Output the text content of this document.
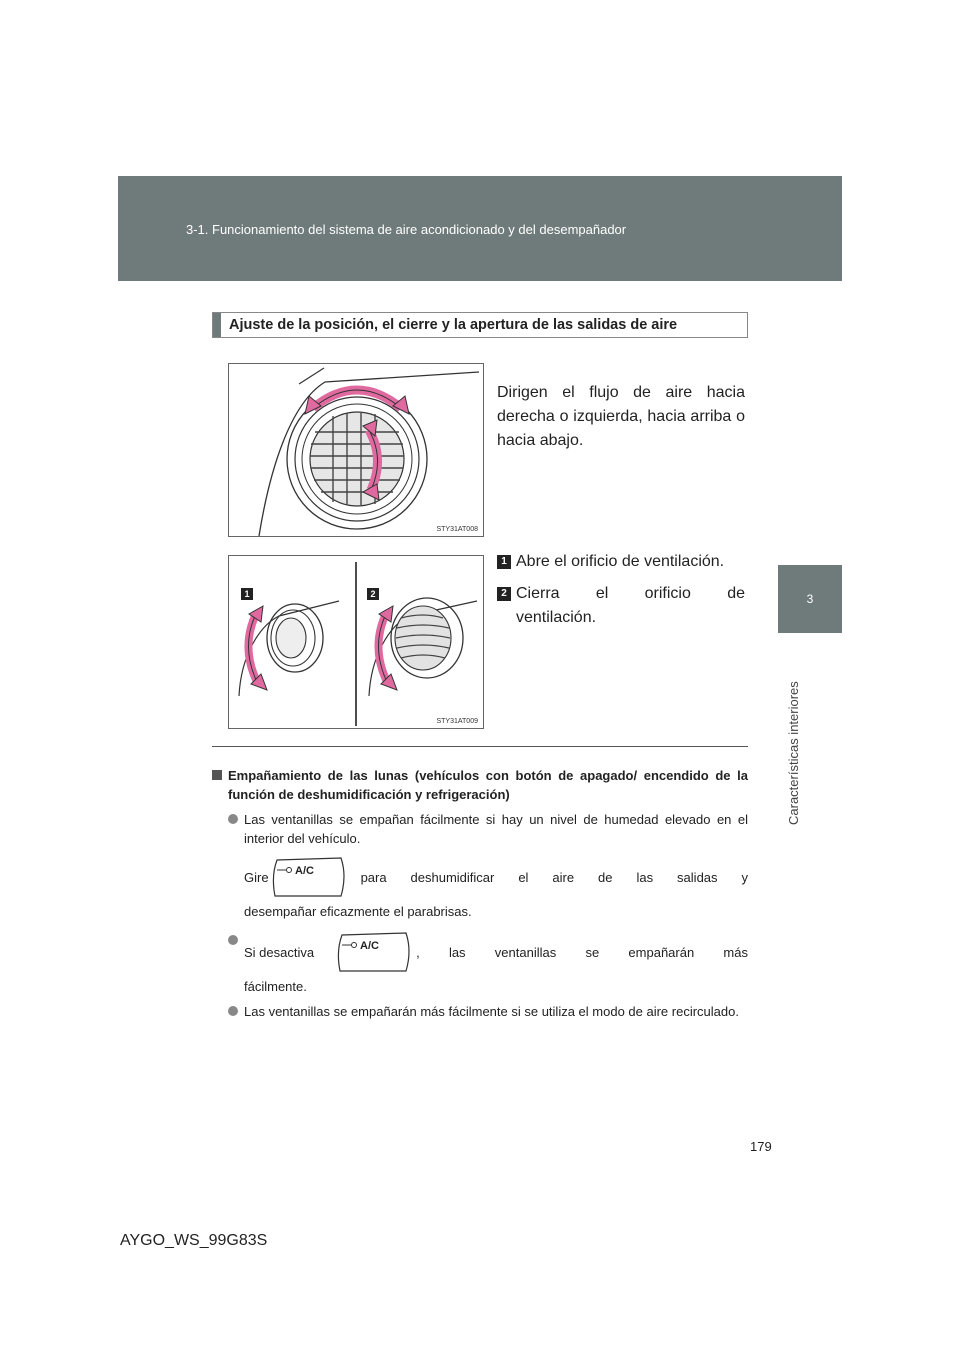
3-1. Funcionamiento del sistema de aire acondicionado y del desempañador
3
Características interiores
Ajuste de la posición, el cierre y la apertura de las salidas de aire
STY31AT008
Dirigen el flujo de aire hacia derecha o izquierda, hacia arriba o hacia abajo.
1	2
STY31AT009
1 Abre el orificio de ventilación.
2 Cierra el orificio de
ventilación.
Empañamiento de las lunas (vehículos con botón de apagado/ encendido de la función de deshumidificación y refrigeración)
Las ventanillas se empañan fácilmente si hay un nivel de humedad elevado en el interior del vehículo.
Gire A/C	para deshumidificar el aire de las salidas y
desempañar eficazmente el parabrisas.
Si desactiva	A/C	, las ventanillas se empañarán más
fácilmente.
Las ventanillas se empañarán más fácilmente si se utiliza el modo de aire recirculado.
179
AYGO_WS_99G83S
